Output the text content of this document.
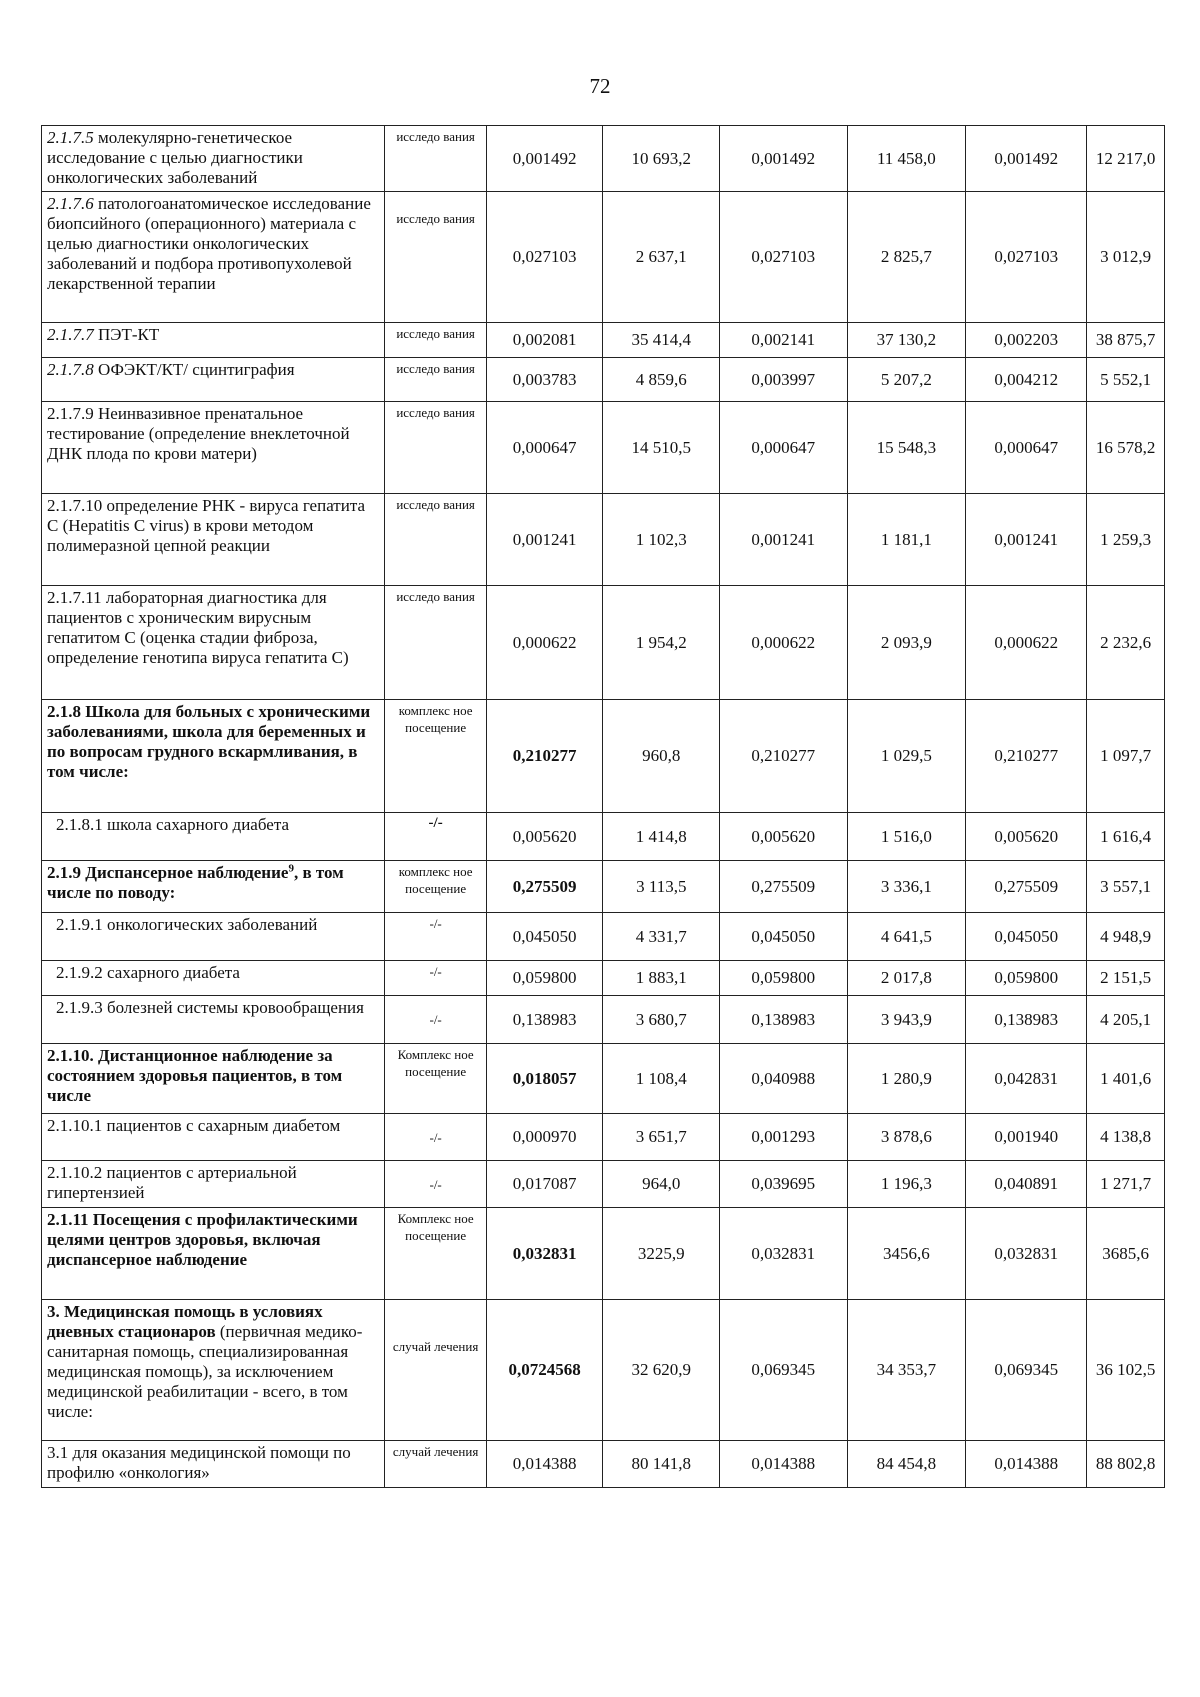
72
2.1.7.5 молекулярно-генетическое исследование с целью диагностики онкологических заболеваний	исследо вания	0,001492	10 693,2	0,001492	11 458,0	0,001492	12 217,0
2.1.7.6 патологоанатомическое исследование биопсийного (операционного) материала с целью диагностики онкологических заболеваний и подбора противопухолевой лекарственной терапии	исследо вания	0,027103	2 637,1	0,027103	2 825,7	0,027103	3 012,9
2.1.7.7 ПЭТ-КТ	исследо вания	0,002081	35 414,4	0,002141	37 130,2	0,002203	38 875,7
2.1.7.8 ОФЭКТ/КТ/ сцинтиграфия	исследо вания	0,003783	4 859,6	0,003997	5 207,2	0,004212	5 552,1
2.1.7.9 Неинвазивное пренатальное тестирование (определение внеклеточной ДНК плода по крови матери)	исследо вания	0,000647	14 510,5	0,000647	15 548,3	0,000647	16 578,2
2.1.7.10 определение РНК - вируса гепатита С (Hepatitis C virus) в крови методом полимеразной цепной реакции	исследо вания	0,001241	1 102,3	0,001241	1 181,1	0,001241	1 259,3
2.1.7.11 лабораторная диагностика для пациентов с хроническим вирусным гепатитом С (оценка стадии фиброза, определение генотипа вируса гепатита С)	исследо вания	0,000622	1 954,2	0,000622	2 093,9	0,000622	2 232,6
2.1.8 Школа для больных с хроническими заболеваниями, школа для беременных и по вопросам грудного вскармливания, в том числе:	комплекс ное посещение	0,210277	960,8	0,210277	1 029,5	0,210277	1 097,7
2.1.8.1 школа сахарного диабета	-/-	0,005620	1 414,8	0,005620	1 516,0	0,005620	1 616,4
2.1.9 Диспансерное наблюдение$^9$, в том числе по поводу:	комплекс ное посещение	0,275509	3 113,5	0,275509	3 336,1	0,275509	3 557,1
2.1.9.1 онкологических заболеваний	-/-	0,045050	4 331,7	0,045050	4 641,5	0,045050	4 948,9
2.1.9.2 сахарного диабета	-/-	0,059800	1 883,1	0,059800	2 017,8	0,059800	2 151,5
2.1.9.3 болезней системы кровообращения	-/-	0,138983	3 680,7	0,138983	3 943,9	0,138983	4 205,1
2.1.10. Дистанционное наблюдение за состоянием здоровья пациентов, в том числе	Комплекс ное посещение	0,018057	1 108,4	0,040988	1 280,9	0,042831	1 401,6
2.1.10.1 пациентов с сахарным диабетом	-/-	0,000970	3 651,7	0,001293	3 878,6	0,001940	4 138,8
2.1.10.2 пациентов с артериальной гипертензией	-/-	0,017087	964,0	0,039695	1 196,3	0,040891	1 271,7
2.1.11 Посещения с профилактическими целями центров здоровья, включая диспансерное наблюдение	Комплекс ное посещение	0,032831	3225,9	0,032831	3456,6	0,032831	3685,6
3. Медицинская помощь в условиях дневных стационаров (первичная медико-санитарная помощь, специализированная медицинская помощь), за исключением медицинской реабилитации - всего, в том числе:	случай лечения	0,0724568	32 620,9	0,069345	34 353,7	0,069345	36 102,5
3.1 для оказания медицинской помощи по профилю «онкология»	случай лечения	0,014388	80 141,8	0,014388	84 454,8	0,014388	88 802,8
